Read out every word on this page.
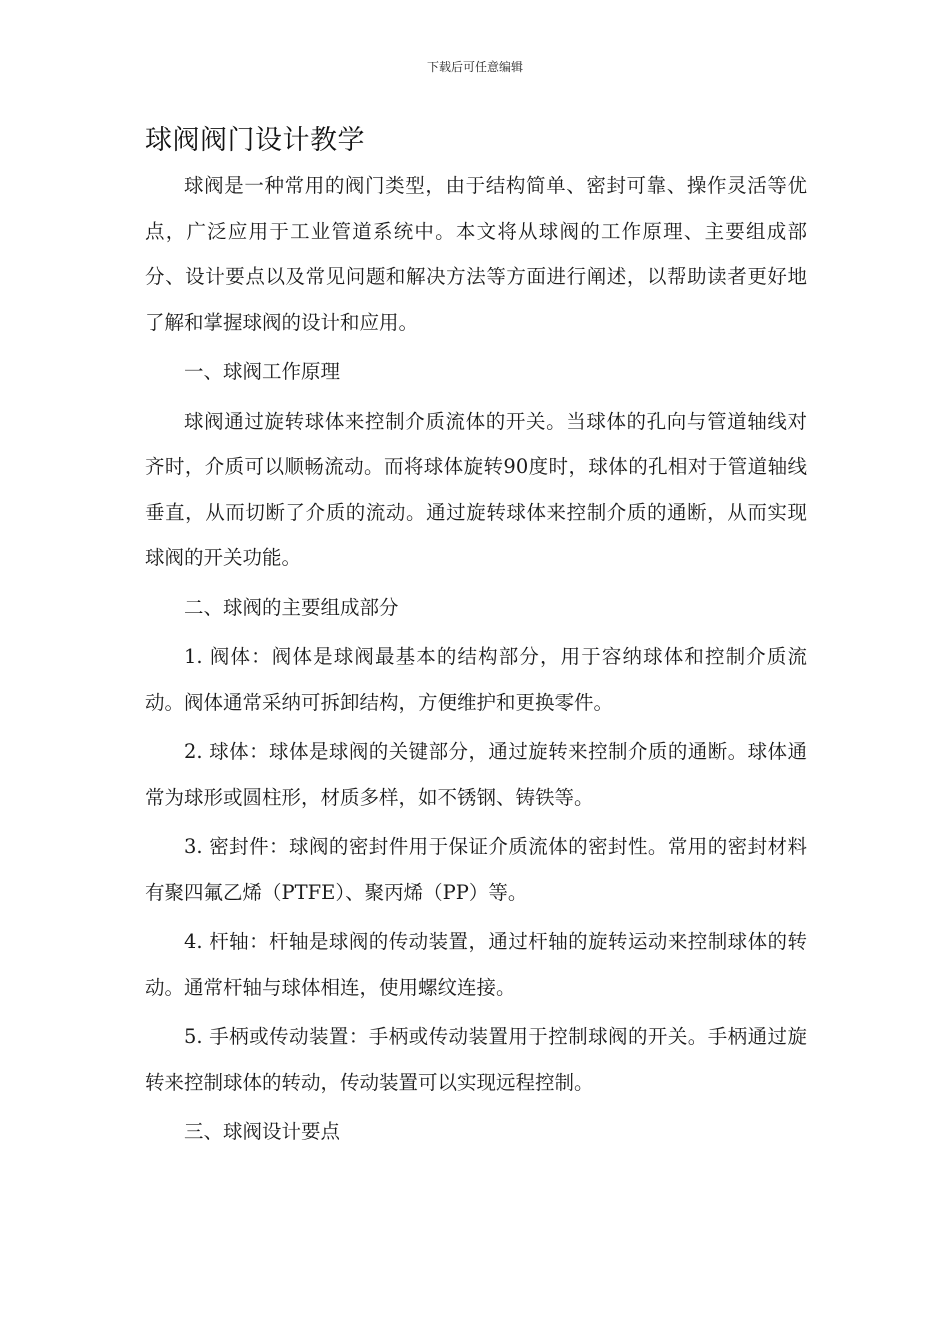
下载后可任意编辑
球阀阀门设计教学

球阀是一种常用的阀门类型，由于结构简单、密封可靠、操作灵活等优点，广泛应用于工业管道系统中。本文将从球阀的工作原理、主要组成部分、设计要点以及常见问题和解决方法等方面进行阐述，以帮助读者更好地了解和掌握球阀的设计和应用。

一、球阀工作原理

球阀通过旋转球体来控制介质流体的开关。当球体的孔向与管道轴线对齐时，介质可以顺畅流动。而将球体旋转90度时，球体的孔相对于管道轴线垂直，从而切断了介质的流动。通过旋转球体来控制介质的通断，从而实现球阀的开关功能。

二、球阀的主要组成部分

1. 阀体：阀体是球阀最基本的结构部分，用于容纳球体和控制介质流动。阀体通常采纳可拆卸结构，方便维护和更换零件。

2. 球体：球体是球阀的关键部分，通过旋转来控制介质的通断。球体通常为球形或圆柱形，材质多样，如不锈钢、铸铁等。

3. 密封件：球阀的密封件用于保证介质流体的密封性。常用的密封材料有聚四氟乙烯（PTFE）、聚丙烯（PP）等。

4. 杆轴：杆轴是球阀的传动装置，通过杆轴的旋转运动来控制球体的转动。通常杆轴与球体相连，使用螺纹连接。

5. 手柄或传动装置：手柄或传动装置用于控制球阀的开关。手柄通过旋转来控制球体的转动，传动装置可以实现远程控制。

三、球阀设计要点
